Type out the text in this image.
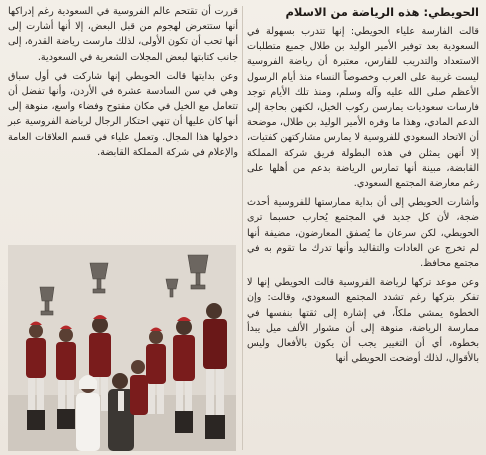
الحويطي: هذه الرياضة من الاسلام

قالت الفارسة علياء الحويطي: إنها تتدرب بسهولة في السعودية بعد توفير الأمير الوليد بن طلال جميع متطلبات الاستعداد والتدريب للفارس، معتبرة أن رياضة الفروسية ليست غريبة على العرب وخصوصاً النساء منذ أيام الرسول الأعظم صلى الله عليه وآله وسلم، ومنذ تلك الأيام توجد فارسات سعوديات يمارسن ركوب الخيل، لكنهن بحاجة إلى الدعم المادي، وهذا ما وفره الأمير الوليد بن طلال، موضحة أن الاتحاد السعودي للفروسية لا يمارس مشاركتهن كفتيات، إلا أنهن يمثلن في هذه البطولة فريق شركة المملكة القابضة، مبينة أنها تمارس الرياضة بدعم من أهلها على رغم معارضة المجتمع السعودي.

وأشارت الحويطي إلى أن بداية ممارستها للفروسية أحدث ضجة، لأن كل جديد في المجتمع يُحارب حسبما ترى الحويطي، لكن سرعان ما يُصفق المعارضون، مضيفة أنها لم تخرج عن العادات والتقاليد وأنها تدرك ما تقوم به في مجتمع محافظ.

وعن موعد تركها لرياضة الفروسية قالت الحويطي إنها لا تفكر بتركها رغم تشدد المجتمع السعودي، وقالت: وإن الخطوة يمشي ملكاً، في إشارة إلى ثقتها بنفسها في ممارسة الرياضة، منوهة إلى أن مشوار الألف ميل يبدأ بخطوة، أي أن التغيير يجب أن يكون بالأفعال وليس بالأقوال، لذلك أوضحت الحويطي أنها

قررت أن تقتحم عالم الفروسية في السعودية رغم إدراكها أنها ستتعرض لهجوم من قبل البعض، إلا أنها أشارت إلى أنها تحب أن تكون الأولى، لذلك مارست رياضة القدرة، إلى جانب كتابتها لبعض المجلات الشعرية في السعودية.

وعن بدايتها قالت الحويطي إنها شاركت في أول سباق وهي في سن السادسة عشرة في الأردن، وأنها تفضل أن تتعامل مع الخيل في مكان مفتوح وفضاء واسع، منوهة إلى أنها كان عليها أن تنهي احتكار الرجال لرياضة الفروسية عبر دخولها هذا المجال. وتعمل علياء في قسم العلاقات العامة والإعلام في شركة المملكة القابضة.
